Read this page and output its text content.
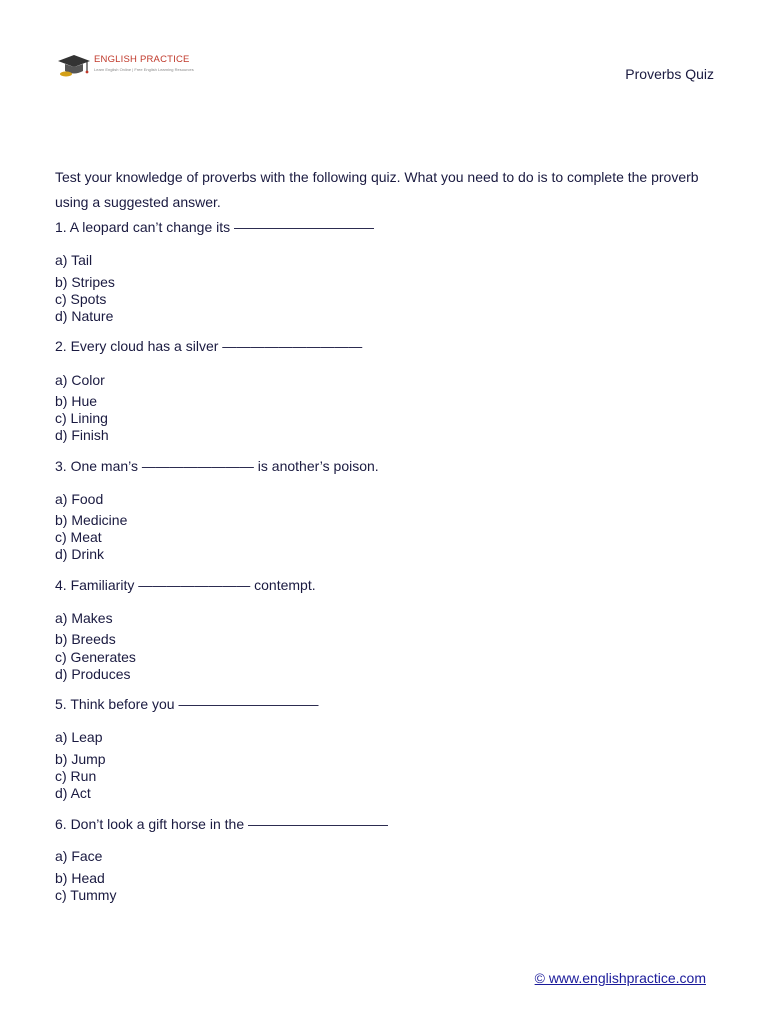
ENGLISH PRACTICE
Learn English Online | Free English Learning Resources	Proverbs Quiz
Test your knowledge of proverbs with the following quiz. What you need to do is to complete the proverb using a suggested answer.
1. A leopard can’t change its ——————————
a) Tail
b) Stripes
c) Spots
d) Nature
2. Every cloud has a silver ——————————
a) Color
b) Hue
c) Lining
d) Finish
3. One man’s ———————— is another’s poison.
a) Food
b) Medicine
c) Meat
d) Drink
4. Familiarity ———————— contempt.
a) Makes
b) Breeds
c) Generates
d) Produces
5. Think before you ——————————
a) Leap
b) Jump
c) Run
d) Act
6. Don’t look a gift horse in the ——————————
a) Face
b) Head
c) Tummy
© www.englishpractice.com
